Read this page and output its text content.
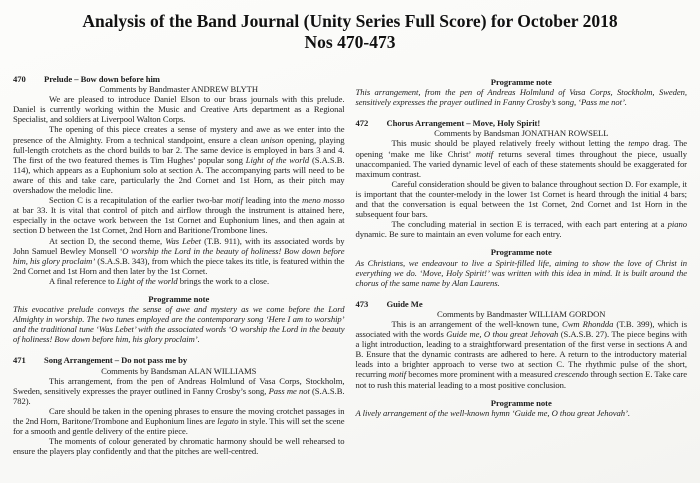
Analysis of the Band Journal (Unity Series Full Score) for October 2018
Nos 470-473
470	Prelude – Bow down before him
Comments by Bandmaster ANDREW BLYTH

We are pleased to introduce Daniel Elson to our brass journals with this prelude. Daniel is currently working within the Music and Creative Arts department as a Regional Specialist, and soldiers at Liverpool Walton Corps.

The opening of this piece creates a sense of mystery and awe as we enter into the presence of the Almighty. From a technical standpoint, ensure a clean unison opening, playing full-length crotchets as the chord builds to bar 2. The same device is employed in bars 3 and 4. The first of the two featured themes is Tim Hughes’ popular song Light of the world (S.A.S.B. 114), which appears as a Euphonium solo at section A. The accompanying parts will need to be aware of this and take care, particularly the 2nd Cornet and 1st Horn, as their pitch may overshadow the melodic line.

Section C is a recapitulation of the earlier two-bar motif leading into the meno mosso at bar 33. It is vital that control of pitch and airflow through the instrument is attained here, especially in the octave work between the 1st Cornet and Euphonium lines, and then again at section D between the 1st Cornet, 2nd Horn and Baritione/Trombone lines.

At section D, the second theme, Was Lebet (T.B. 911), with its associated words by John Samuel Bewley Monsell ‘O worship the Lord in the beauty of holiness! Bow down before him, his glory proclaim’ (S.A.S.B. 343), from which the piece takes its title, is featured within the 2nd Cornet and 1st Horn and then later by the 1st Cornet.

A final reference to Light of the world brings the work to a close.

Programme note

This evocative prelude conveys the sense of awe and mystery as we come before the Lord Almighty in worship. The two tunes employed are the contemporary song ‘Here I am to worship’ and the traditional tune ‘Was Lebet’ with the associated words ‘O worship the Lord in the beauty of holiness! Bow down before him, his glory proclaim’.

471	Song Arrangement – Do not pass me by
Comments by Bandsman ALAN WILLIAMS

This arrangement, from the pen of Andreas Holmlund of Vasa Corps, Stockholm, Sweden, sensitively expresses the prayer outlined in Fanny Crosby’s song, Pass me not (S.A.S.B. 782).

Care should be taken in the opening phrases to ensure the moving crotchet passages in the 2nd Horn, Baritone/Trombone and Euphonium lines are legato in style. This will set the scene for a smooth and gentle delivery of the entire piece.

The moments of colour generated by chromatic harmony should be well rehearsed to ensure the players play confidently and that the pitches are well-centred.

Programme note

This arrangement, from the pen of Andreas Holmlund of Vasa Corps, Stockholm, Sweden, sensitively expresses the prayer outlined in Fanny Crosby’s song, ‘Pass me not’.

472	Chorus Arrangement – Move, Holy Spirit!
Comments by Bandsman JONATHAN ROWSELL

This music should be played relatively freely without letting the tempo drag. The opening ‘make me like Christ’ motif returns several times throughout the piece, usually unaccompanied. The varied dynamic level of each of these statements should be exaggerated for maximum contrast.

Careful consideration should be given to balance throughout section D. For example, it is important that the counter-melody in the lower 1st Cornet is heard through the initial 4 bars; and that the conversation is equal between the 1st Cornet, 2nd Cornet and 1st Horn in the subsequent four bars.

The concluding material in section E is terraced, with each part entering at a piano dynamic. Be sure to maintain an even volume for each entry.

Programme note

As Christians, we endeavour to live a Spirit-filled life, aiming to show the love of Christ in everything we do. ‘Move, Holy Spirit!’ was written with this idea in mind. It is built around the chorus of the same name by Alan Laurens.

473	Guide Me
Comments by Bandmaster WILLIAM GORDON

This is an arrangement of the well-known tune, Cwm Rhondda (T.B. 399), which is associated with the words Guide me, O thou great Jehovah (S.A.S.B. 27). The piece begins with a light introduction, leading to a straightforward presentation of the first verse in sections A and B. Ensure that the dynamic contrasts are adhered to here. A return to the introductory material leads into a brighter approach to verse two at section C. The rhythmic pulse of the short, recurring motif becomes more prominent with a measured crescendo through section E. Take care not to rush this material leading to a most positive conclusion.

Programme note

A lively arrangement of the well-known hymn ‘Guide me, O thou great Jehovah’.
